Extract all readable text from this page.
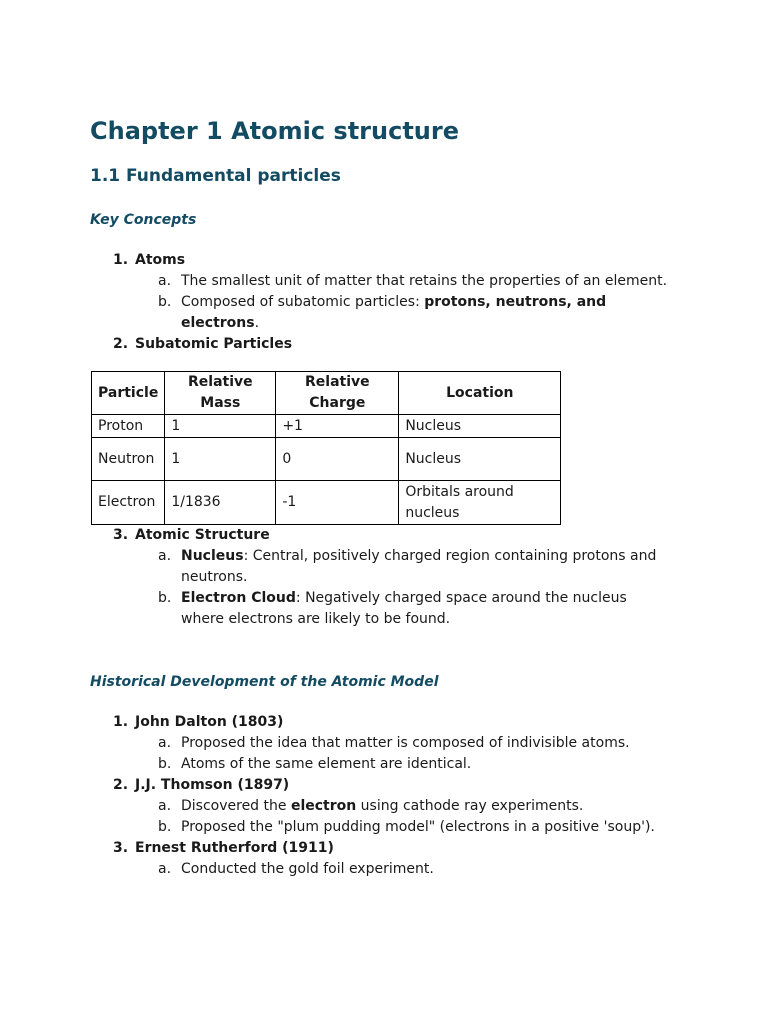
Chapter 1 Atomic structure
1.1 Fundamental particles
Key Concepts
1. Atoms
a. The smallest unit of matter that retains the properties of an element.
b. Composed of subatomic particles: protons, neutrons, and electrons.
2. Subatomic Particles
Particle	Relative Mass	Relative Charge	Location
Proton	1	+1	Nucleus
Neutron	1	0	Nucleus
Electron	1/1836	-1	Orbitals around nucleus
3. Atomic Structure
a. Nucleus: Central, positively charged region containing protons and neutrons.
b. Electron Cloud: Negatively charged space around the nucleus where electrons are likely to be found.
Historical Development of the Atomic Model
1. John Dalton (1803)
a. Proposed the idea that matter is composed of indivisible atoms.
b. Atoms of the same element are identical.
2. J.J. Thomson (1897)
a. Discovered the electron using cathode ray experiments.
b. Proposed the "plum pudding model" (electrons in a positive 'soup').
3. Ernest Rutherford (1911)
a. Conducted the gold foil experiment.
